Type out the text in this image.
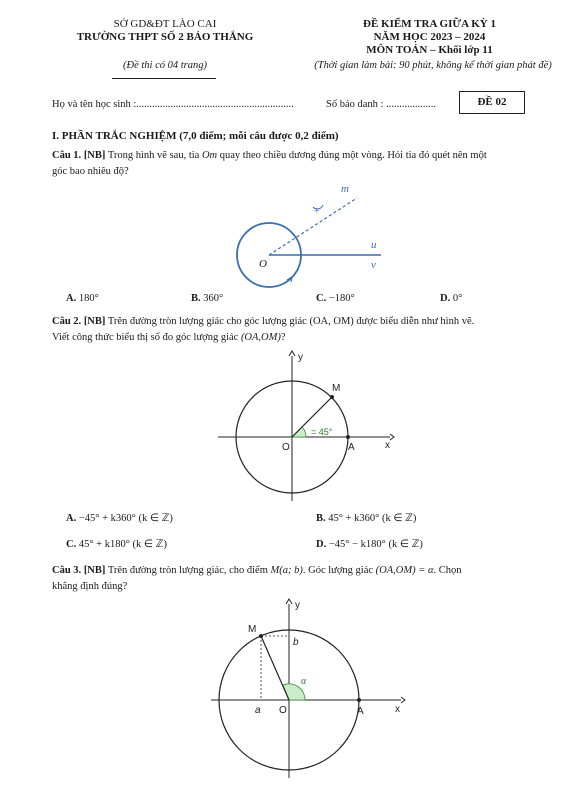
SỞ GD&ĐT LÀO CAI
TRƯỜNG THPT SỐ 2 BẢO THẮNG
(Đề thi có 04 trang)
ĐỀ KIỂM TRA GIỮA KỲ 1
NĂM HỌC 2023 – 2024
MÔN TOÁN – Khối lớp 11
(Thời gian làm bài: 90 phút, không kể thời gian phát đề)
Họ và tên học sinh :............................................................	Số báo danh : ...................	ĐỀ 02
I. PHẦN TRẮC NGHIỆM (7,0 điểm; mỗi câu được 0,2 điểm)
Câu 1. [NB] Trong hình vẽ sau, tia Om quay theo chiều dương đúng một vòng. Hỏi tia đó quét nên một
góc bao nhiêu độ?
m
+
u
v
O
A. 180°	B. 360°	C. −180°	D. 0°
Câu 2. [NB] Trên đường tròn lượng giác cho góc lượng giác (OA, OM) được biểu diễn như hình vẽ.
Viết công thức biểu thị số đo góc lượng giác (OA,OM)?
M
A
O
y
x
= 45°
A. −45° + k360° (k ∈ ℤ)	B. 45° + k360° (k ∈ ℤ)
C. 45° + k180° (k ∈ ℤ)	D. −45° − k180° (k ∈ ℤ)
Câu 3. [NB] Trên đường tròn lượng giác, cho điểm M(a; b). Góc lượng giác (OA,OM) = α. Chọn
khẳng định đúng?
M
b
a O	A
y
x
α
